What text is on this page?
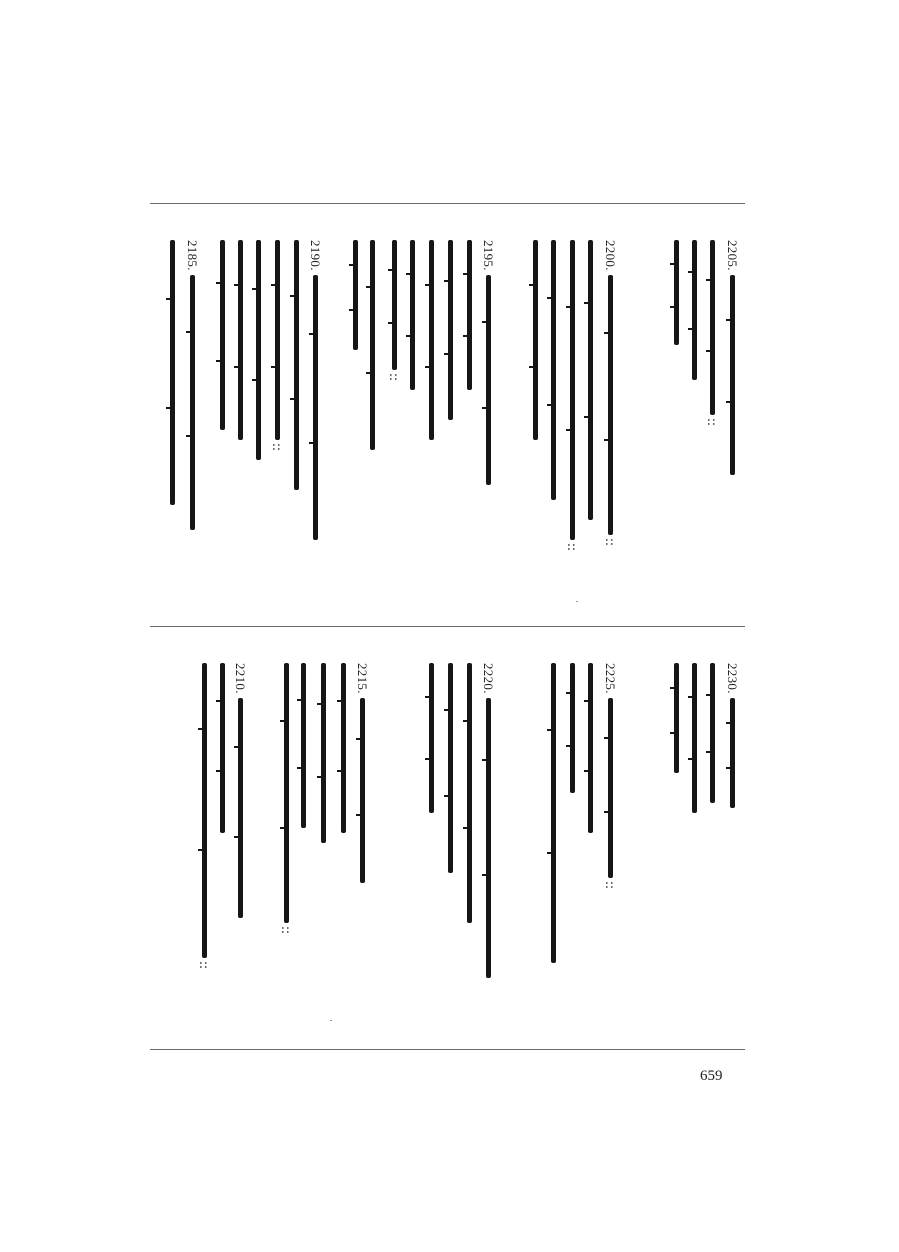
2205.
::
2200.
::
::
2195.
::
2190.
::
2185.
2230.
2225.
::
2220.
2215.
::
2210.
::
659
